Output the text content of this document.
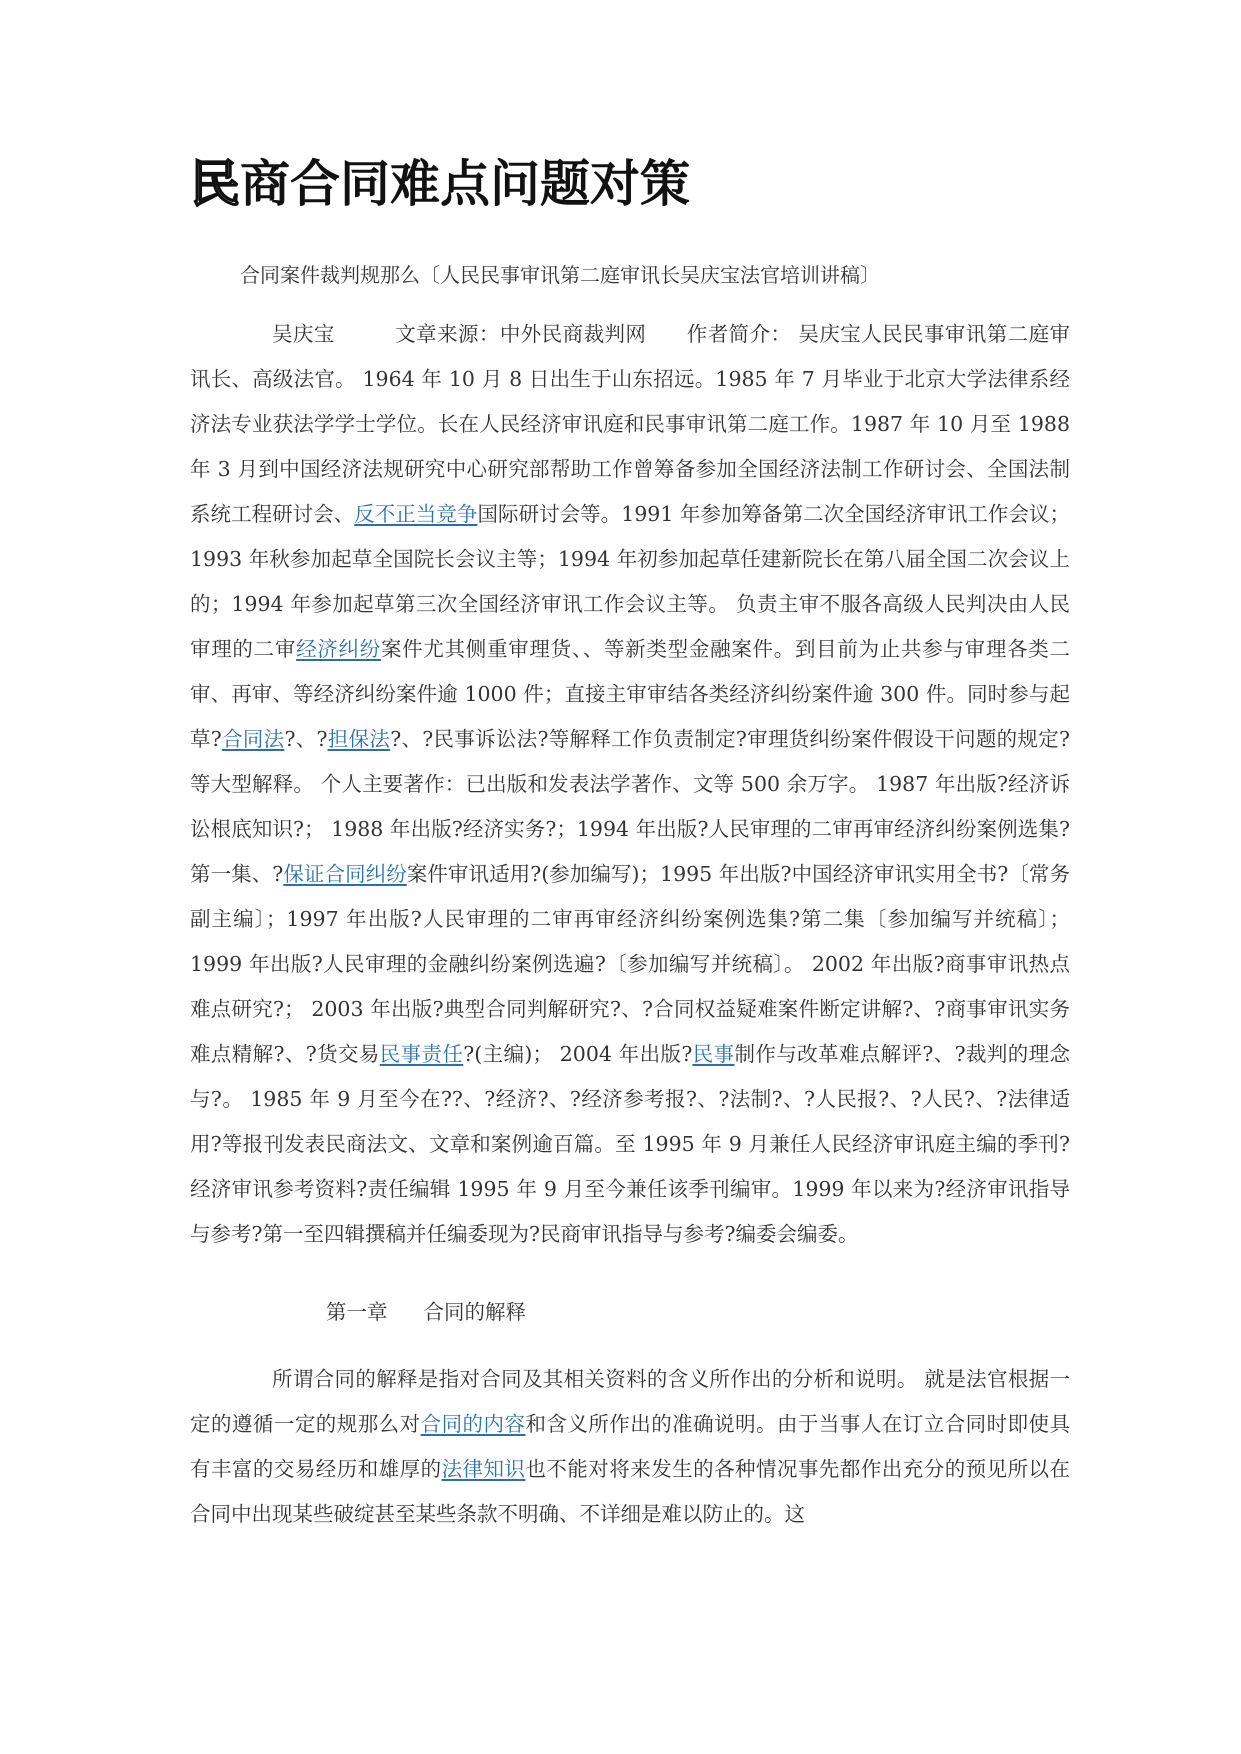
民商合同难点问题对策

合同案件裁判规那么〔人民民事审讯第二庭审讯长吴庆宝法官培训讲稿〕

吴庆宝	文章来源：中外民商裁判网 作者简介： 吴庆宝人民民事审讯第二庭审讯长、高级法官。 1964 年 10 月 8 日出生于山东招远。1985 年 7 月毕业于北京大学法律系经济法专业获法学学士学位。长在人民经济审讯庭和民事审讯第二庭工作。1987 年 10 月至 1988 年 3 月到中国经济法规研究中心研究部帮助工作曾筹备参加全国经济法制工作研讨会、全国法制系统工程研讨会、反不正当竞争国际研讨会等。1991 年参加筹备第二次全国经济审讯工作会议；1993 年秋参加起草全国院长会议主等；1994 年初参加起草任建新院长在第八届全国二次会议上的；1994 年参加起草第三次全国经济审讯工作会议主等。 负责主审不服各高级人民判决由人民审理的二审经济纠纷案件尤其侧重审理货、、等新类型金融案件。到目前为止共参与审理各类二审、再审、等经济纠纷案件逾 1000 件；直接主审审结各类经济纠纷案件逾 300 件。同时参与起草?合同法?、?担保法?、?民事诉讼法?等解释工作负责制定?审理货纠纷案件假设干问题的规定?等大型解释。 个人主要著作：已出版和发表法学著作、文等 500 余万字。 1987 年出版?经济诉讼根底知识?； 1988 年出版?经济实务?；1994 年出版?人民审理的二审再审经济纠纷案例选集?第一集、?保证合同纠纷案件审讯适用?(参加编写)；1995 年出版?中国经济审讯实用全书?〔常务副主编〕；1997 年出版?人民审理的二审再审经济纠纷案例选集?第二集〔参加编写并统稿〕； 1999 年出版?人民审理的金融纠纷案例选遍?〔参加编写并统稿〕。 2002 年出版?商事审讯热点难点研究?； 2003 年出版?典型合同判解研究?、?合同权益疑难案件断定讲解?、?商事审讯实务难点精解?、?货交易民事责任?(主编)； 2004 年出版?民事制作与改革难点解评?、?裁判的理念与?。 1985 年 9 月至今在??、?经济?、?经济参考报?、?法制?、?人民报?、?人民?、?法律适用?等报刊发表民商法文、文章和案例逾百篇。至 1995 年 9 月兼任人民经济审讯庭主编的季刊?经济审讯参考资料?责任编辑 1995 年 9 月至今兼任该季刊编审。1999 年以来为?经济审讯指导与参考?第一至四辑撰稿并任编委现为?民商审讯指导与参考?编委会编委。

第一章 合同的解释

所谓合同的解释是指对合同及其相关资料的含义所作出的分析和说明。 就是法官根据一定的遵循一定的规那么对合同的内容和含义所作出的准确说明。由于当事人在订立合同时即使具有丰富的交易经历和雄厚的法律知识也不能对将来发生的各种情况事先都作出充分的预见所以在合同中出现某些破绽甚至某些条款不明确、不详细是难以防止的。这
